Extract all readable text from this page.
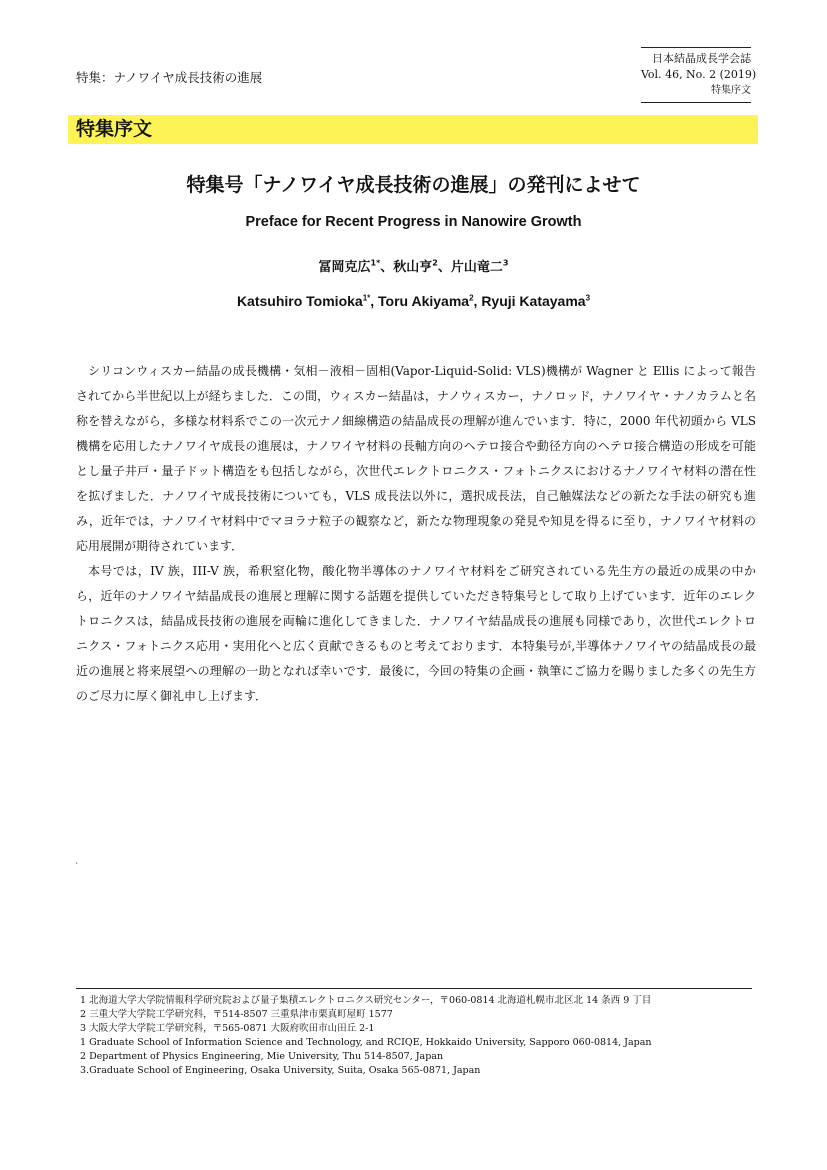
特集：ナノワイヤ成長技術の進展
日本結晶成長学会誌
Vol. 46, No. 2 (2019)
特集序文
特集序文
特集号「ナノワイヤ成長技術の進展」の発刊によせて
Preface for Recent Progress in Nanowire Growth
冨岡克広$^{1*}$、秋山亨$^2$、片山竜二$^3$
Katsuhiro Tomioka$^{1*}$, Toru Akiyama$^2$, Ryuji Katayama$^3$

シリコンウィスカー結晶の成長機構・気相－液相－固相(Vapor-Liquid-Solid: VLS)機構が Wagner と Ellis によって報告されてから半世紀以上が経ちました．この間，ウィスカー結晶は，ナノウィスカー，ナノロッド，ナノワイヤ・ナノカラムと名称を替えながら，多様な材料系でこの一次元ナノ細線構造の結晶成長の理解が進んでいます．特に，2000 年代初頭から VLS 機構を応用したナノワイヤ成長の進展は，ナノワイヤ材料の長軸方向のヘテロ接合や動径方向のヘテロ接合構造の形成を可能とし量子井戸・量子ドット構造をも包括しながら，次世代エレクトロニクス・フォトニクスにおけるナノワイヤ材料の潜在性を拡げました．ナノワイヤ成長技術についても，VLS 成長法以外に，選択成長法，自己触媒法などの新たな手法の研究も進み，近年では，ナノワイヤ材料中でマヨラナ粒子の観察など，新たな物理現象の発見や知見を得るに至り，ナノワイヤ材料の応用展開が期待されています．

本号では，IV 族，III-V 族，希釈窒化物，酸化物半導体のナノワイヤ材料をご研究されている先生方の最近の成果の中から，近年のナノワイヤ結晶成長の進展と理解に関する話題を提供していただき特集号として取り上げています．近年のエレクトロニクスは，結晶成長技術の進展を両輪に進化してきました．ナノワイヤ結晶成長の進展も同様であり，次世代エレクトロニクス・フォトニクス応用・実用化へと広く貢献できるものと考えております．本特集号が,半導体ナノワイヤの結晶成長の最近の進展と将来展望への理解の一助となれば幸いです．最後に，今回の特集の企画・執筆にご協力を賜りました多くの先生方のご尽力に厚く御礼申し上げます．

`
1 北海道大学大学院情報科学研究院および量子集積エレクトロニクス研究センター，〒060-0814 北海道札幌市北区北 14 条西 9 丁目
2 三重大学大学院工学研究科，〒514-8507 三重県津市栗真町屋町 1577
3 大阪大学大学院工学研究科，〒565-0871 大阪府吹田市山田丘 2-1
1 Graduate School of Information Science and Technology, and RCIQE, Hokkaido University, Sapporo 060-0814, Japan
2 Department of Physics Engineering, Mie University, Thu 514-8507, Japan
3.Graduate School of Engineering, Osaka University, Suita, Osaka 565-0871, Japan
